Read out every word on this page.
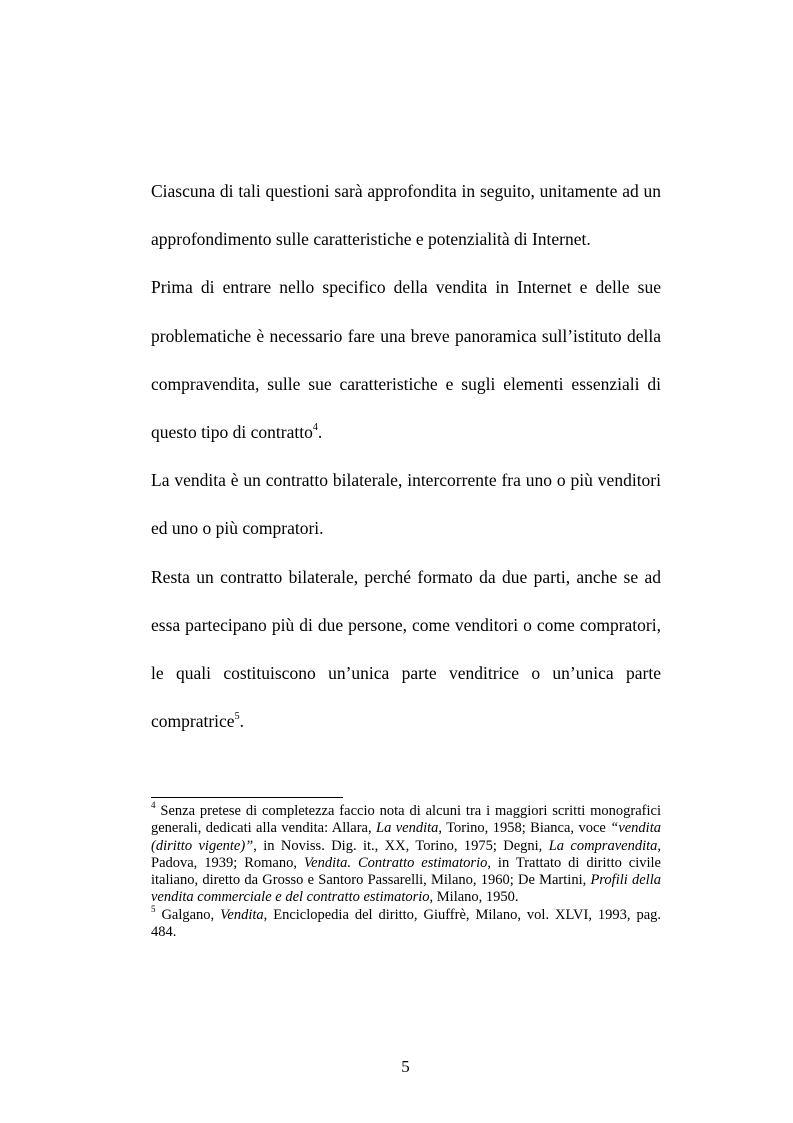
Ciascuna di tali questioni sarà approfondita in seguito, unitamente ad un approfondimento sulle caratteristiche e potenzialità di Internet.

Prima di entrare nello specifico della vendita in Internet e delle sue problematiche è necessario fare una breve panoramica sull’istituto della compravendita, sulle sue caratteristiche e sugli elementi essenziali di questo tipo di contratto$^4$.

La vendita è un contratto bilaterale, intercorrente fra uno o più venditori ed uno o più compratori.

Resta un contratto bilaterale, perché formato da due parti, anche se ad essa partecipano più di due persone, come venditori o come compratori, le quali costituiscono un’unica parte venditrice o un’unica parte compratrice$^5$.

$^4$ Senza pretese di completezza faccio nota di alcuni tra i maggiori scritti monografici generali, dedicati alla vendita: Allara, La vendita, Torino, 1958; Bianca, voce “vendita (diritto vigente)”, in Noviss. Dig. it., XX, Torino, 1975; Degni, La compravendita, Padova, 1939; Romano, Vendita. Contratto estimatorio, in Trattato di diritto civile italiano, diretto da Grosso e Santoro Passarelli, Milano, 1960; De Martini, Profili della vendita commerciale e del contratto estimatorio, Milano, 1950.

$^5$ Galgano, Vendita, Enciclopedia del diritto, Giuffrè, Milano, vol. XLVI, 1993, pag. 484.

5
